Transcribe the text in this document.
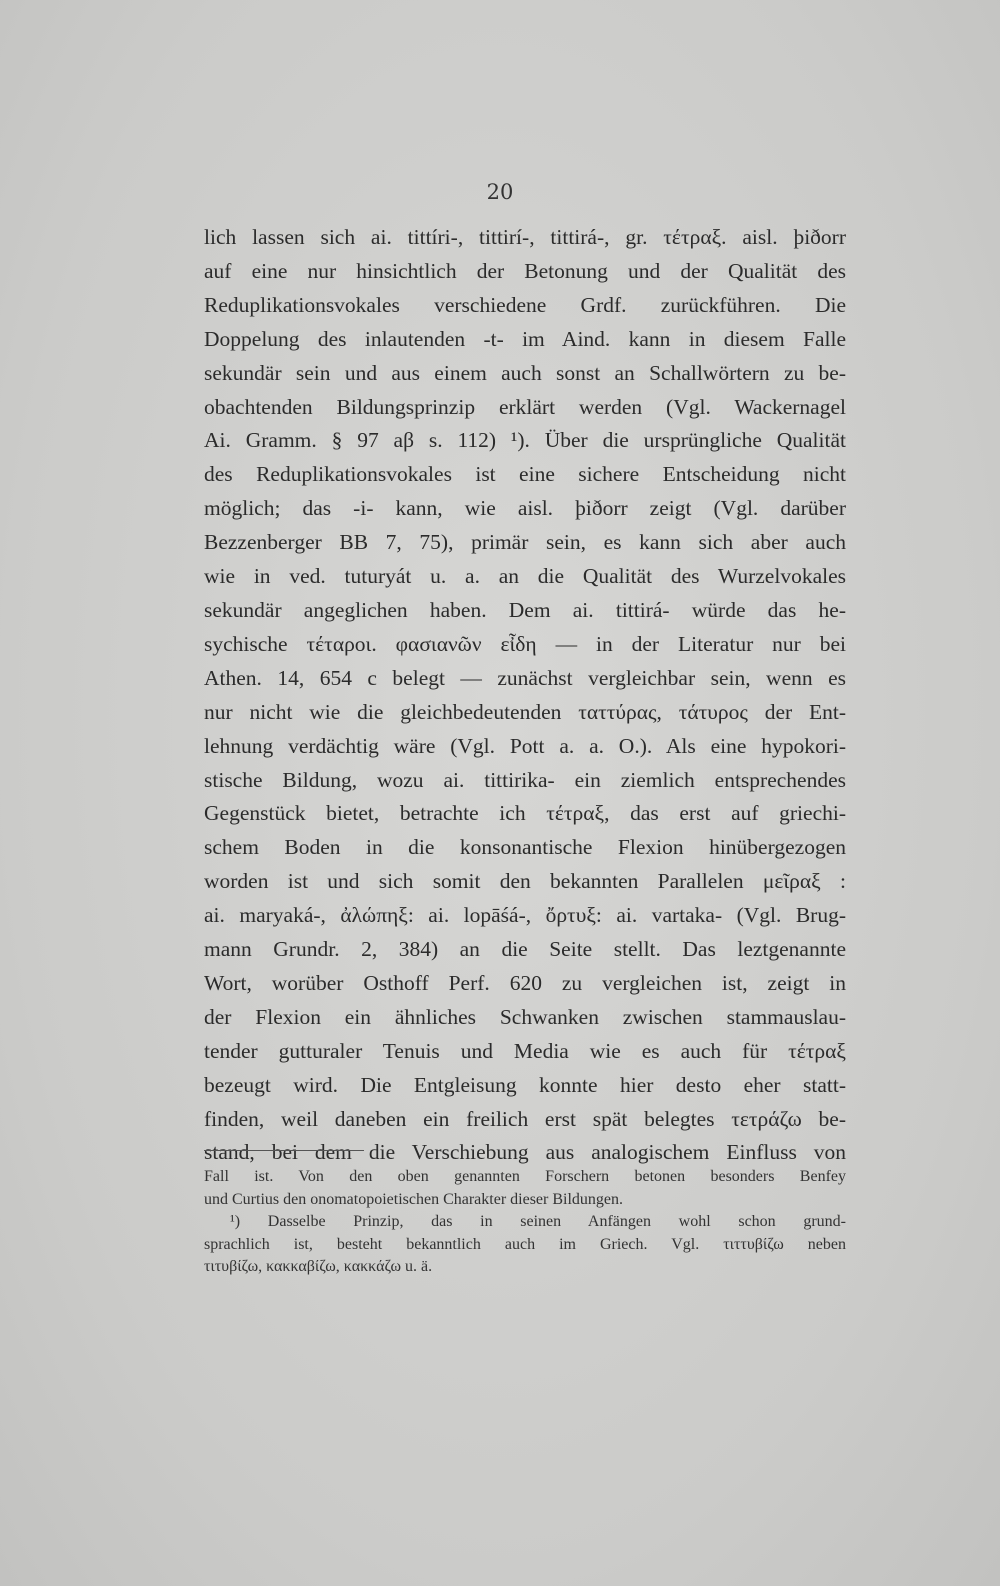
20
lich lassen sich ai. tittíri-, tittirí-, tittirá-, gr. τέτραξ. aisl. þiðorr
auf eine nur hinsichtlich der Betonung und der Qualität des
Reduplikationsvokales verschiedene Grdf. zurückführen. Die
Doppelung des inlautenden -t- im Aind. kann in diesem Falle
sekundär sein und aus einem auch sonst an Schallwörtern zu be-
obachtenden Bildungsprinzip erklärt werden (Vgl. Wackernagel
Ai. Gramm. § 97 aβ s. 112) ¹). Über die ursprüngliche Qualität
des Reduplikationsvokales ist eine sichere Entscheidung nicht
möglich; das -i- kann, wie aisl. þiðorr zeigt (Vgl. darüber
Bezzenberger BB 7, 75), primär sein, es kann sich aber auch
wie in ved. tuturyát u. a. an die Qualität des Wurzelvokales
sekundär angeglichen haben. Dem ai. tittirá- würde das he-
sychische τέταροι. φασιανῶν εἶδη — in der Literatur nur bei
Athen. 14, 654 c belegt — zunächst vergleichbar sein, wenn es
nur nicht wie die gleichbedeutenden ταττύρας, τάτυρος der Ent-
lehnung verdächtig wäre (Vgl. Pott a. a. O.). Als eine hypokori-
stische Bildung, wozu ai. tittirika- ein ziemlich entsprechendes
Gegenstück bietet, betrachte ich τέτραξ, das erst auf griechi-
schem Boden in die konsonantische Flexion hinübergezogen
worden ist und sich somit den bekannten Parallelen μεῖραξ :
ai. maryaká-, ἀλώπηξ: ai. lopāśá-, ὄρτυξ: ai. vartaka- (Vgl. Brug-
mann Grundr. 2, 384) an die Seite stellt. Das leztgenannte
Wort, worüber Osthoff Perf. 620 zu vergleichen ist, zeigt in
der Flexion ein ähnliches Schwanken zwischen stammauslau-
tender gutturaler Tenuis und Media wie es auch für τέτραξ
bezeugt wird. Die Entgleisung konnte hier desto eher statt-
finden, weil daneben ein freilich erst spät belegtes τετράζω be-
stand, bei dem die Verschiebung aus analogischem Einfluss von
Fall ist. Von den oben genannten Forschern betonen besonders Benfey
und Curtius den onomatopoietischen Charakter dieser Bildungen.
¹) Dasselbe Prinzip, das in seinen Anfängen wohl schon grund-
sprachlich ist, besteht bekanntlich auch im Griech. Vgl. τιττυβίζω neben
τιτυβίζω, κακκαβίζω, κακκάζω u. ä.
